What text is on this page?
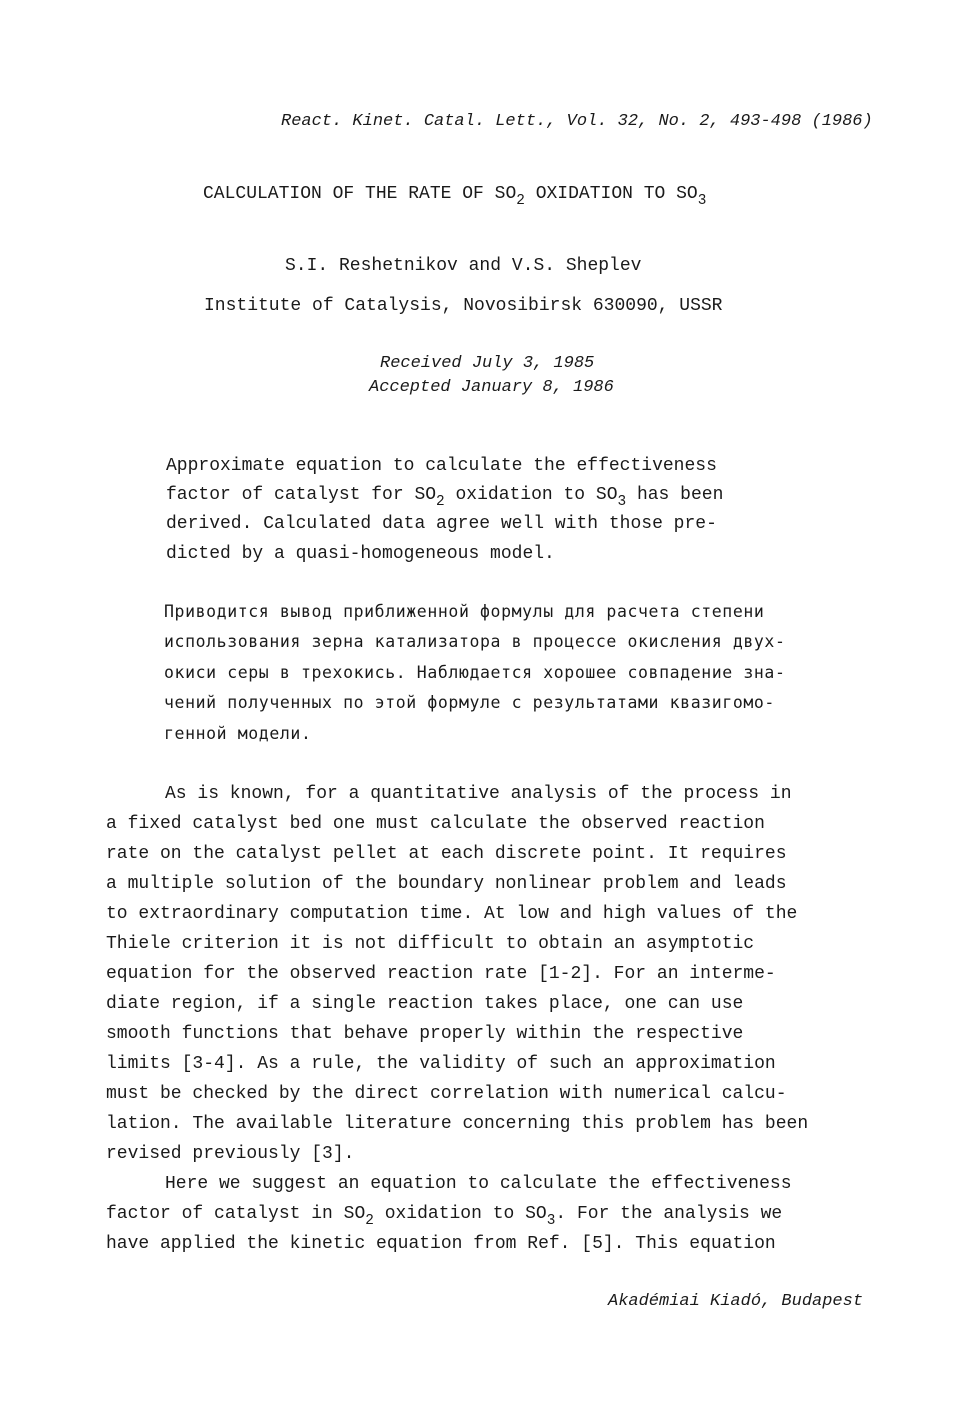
React. Kinet. Catal. Lett., Vol. 32, No. 2, 493-498 (1986)
CALCULATION OF THE RATE OF $SO_2$ OXIDATION TO $SO_3$
S.I. Reshetnikov and V.S. Sheplev
Institute of Catalysis, Novosibirsk 630090, USSR
Received July 3, 1985
Accepted January 8, 1986
Approximate equation to calculate the effectiveness
factor of catalyst for $SO_2$ oxidation to $SO_3$ has been
derived. Calculated data agree well with those pre-
dicted by a quasi-homogeneous model.
Приводится вывод приближенной формулы для расчета степени
использования зерна катализатора в процессе окисления двух-
окиси серы в трехокись. Наблюдается хорошее совпадение зна-
чений полученных по этой формуле с результатами квазигомо-
генной модели.
As is known, for a quantitative analysis of the process in
a fixed catalyst bed one must calculate the observed reaction
rate on the catalyst pellet at each discrete point. It requires
a multiple solution of the boundary nonlinear problem and leads
to extraordinary computation time. At low and high values of the
Thiele criterion it is not difficult to obtain an asymptotic
equation for the observed reaction rate [1-2]. For an interme-
diate region, if a single reaction takes place, one can use
smooth functions that behave properly within the respective
limits [3-4]. As a rule, the validity of such an approximation
must be checked by the direct correlation with numerical calcu-
lation. The available literature concerning this problem has been
revised previously [3].
Here we suggest an equation to calculate the effectiveness
factor of catalyst in $SO_2$ oxidation to $SO_3$. For the analysis we
have applied the kinetic equation from Ref. [5]. This equation
Akadémiai Kiadó, Budapest
